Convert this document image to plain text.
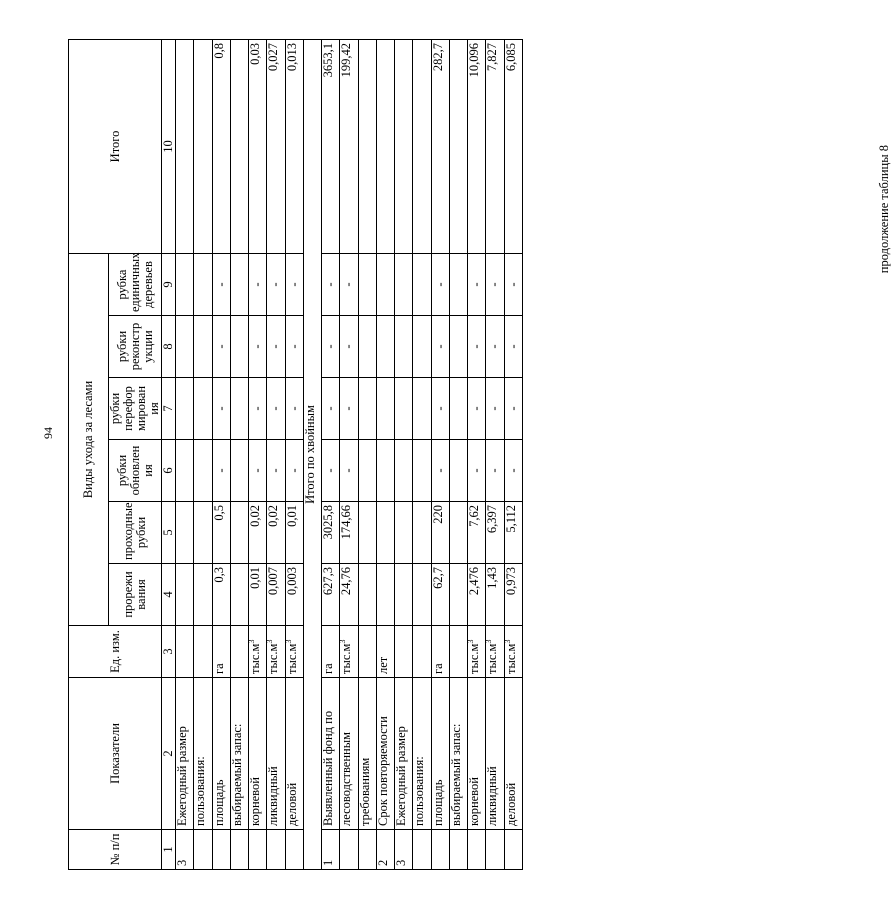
94
продолжение таблицы 8
№ п/п	Показатели	Ед. изм.	Виды ухода за лесами						Итого
			прорежи вания	проходные рубки	рубки обновлен ия	рубки перефор мирован ия	рубки реконстр укции	рубка единичных деревьев	
1	2	3	4	5	6	7	8	9	10
3	Ежегодный размер								
	пользования:								
	площадь	га	0,3	0,5	-	-	-	-	0,8
	выбираемый запас:								
	корневой	$тыс.м^3$	0,01	0,02	-	-	-	-	0,03
	ликвидный	$тыс.м^3$	0,007	0,02	-	-	-	-	0,027
	деловой	$тыс.м^3$	0,003	0,01	-	-	-	-	0,013
Итого по хвойным									
1	Выявленный фонд по	га	627,3	3025,8	-	-	-	-	3653,1
	лесоводственным	$тыс.м^3$	24,76	174,66	-	-	-	-	199,42
	требованиям								
2	Срок повторяемости	лет							
3	Ежегодный размер								
	пользования:								
	площадь	га	62,7	220	-	-	-	-	282,7
	выбираемый запас:								
	корневой	$тыс.м^3$	2,476	7,62	-	-	-	-	10,096
	ликвидный	$тыс.м^3$	1,43	6,397	-	-	-	-	7,827
	деловой	$тыс.м^3$	0,973	5,112	-	-	-	-	6,085
